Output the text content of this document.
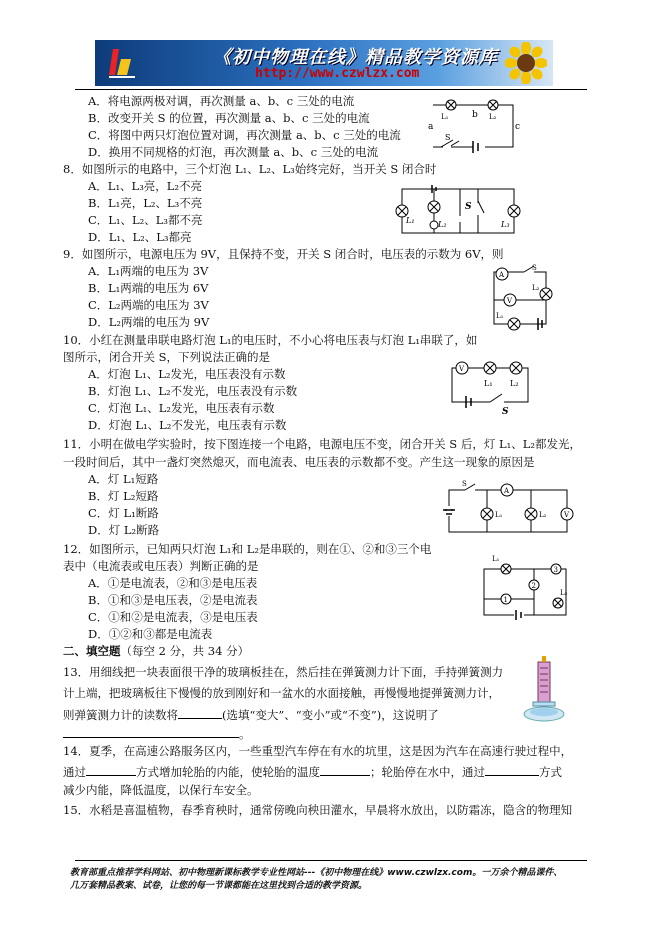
《初中物理在线》精品教学资源库
http://www.czwlzx.com
A．将电源两极对调，再次测量 a、b、c 三处的电流
B．改变开关 S 的位置，再次测量 a、b、c 三处的电流
C．将图中两只灯泡位置对调，再次测量 a、b、c 三处的电流
D．换用不同规格的灯泡，再次测量 a、b、c 三处的电流
a
b
c
S
L₁	L₂
8．如图所示的电路中，三个灯泡 L₁、L₂、L₃始终完好，当开关 S 闭合时
A．L₁、L₃亮，L₂不亮
B．L₁亮，L₂、L₃不亮
C．L₁、L₂、L₃都不亮
D．L₁、L₂、L₃都亮
L₁	L₂	L₃
S
9．如图所示，电源电压为 9V，且保持不变，开关 S 闭合时，电压表的示数为 6V，则
A．L₁两端的电压为 3V
B．L₁两端的电压为 6V
C．L₂两端的电压为 3V
D．L₂两端的电压为 9V
A
V
S
L₁
L₂
10．小红在测量串联电路灯泡 L₁的电压时，不小心将电压表与灯泡 L₁串联了，如
图所示，闭合开关 S，下列说法正确的是
A．灯泡 L₁、L₂发光，电压表没有示数
B．灯泡 L₁、L₂不发光，电压表没有示数
C．灯泡 L₁、L₂发光，电压表有示数
D．灯泡 L₁、L₂不发光，电压表有示数
V
L₁ L₂
S
11．小明在做电学实验时，按下图连接一个电路，电源电压不变，闭合开关 S 后，灯 L₁、L₂都发光，
一段时间后，其中一盏灯突然熄灭，而电流表、电压表的示数都不变。产生这一现象的原因是
A．灯 L₁短路
B．灯 L₂短路
C．灯 L₁断路
D．灯 L₂断路
S
A
V
L₁	L₂
12．如图所示，已知两只灯泡 L₁和 L₂是串联的，则在①、②和③三个电
表中（电流表或电压表）判断正确的是
A．①是电流表，②和③是电压表
B．①和③是电压表，②是电流表
C．①和②是电流表，③是电压表
D．①②和③都是电流表
L₁
L₂
1
2
3
二、填空题（每空 2 分，共 34 分）
13．用细线把一块表面很干净的玻璃板挂在，然后挂在弹簧测力计下面，手持弹簧测力
计上端，把玻璃板往下慢慢的放到刚好和一盆水的水面接触，再慢慢地提弹簧测力计，
则弹簧测力计的读数将	(选填“变大”、“变小”或“不变”)，这说明了
。
14．夏季，在高速公路服务区内，一些重型汽车停在有水的坑里，这是因为汽车在高速行驶过程中，
通过	方式增加轮胎的内能，使轮胎的温度	；轮胎停在水中，通过	方式
减少内能，降低温度，以保行车安全。
15．水稻是喜温植物，春季育秧时，通常傍晚向秧田灌水，早晨将水放出，以防霜冻，隐含的物理知
教育部重点推荐学科网站、初中物理新课标教学专业性网站---《初中物理在线》www.czwlzx.com。一万余个精品课件、
几万套精品教案、试卷，让您的每一节课都能在这里找到合适的教学资源。
